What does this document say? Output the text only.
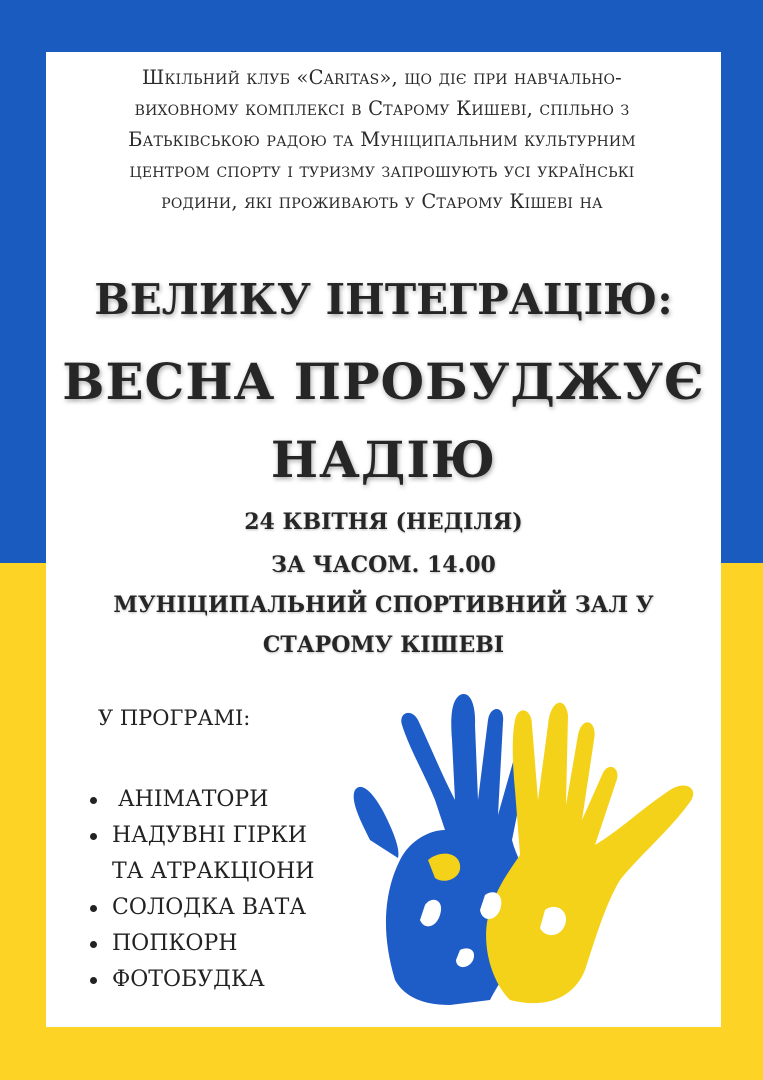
Шкільний клуб «Caritas», що діє при навчально-
виховному комплексі в Старому Кишеві, спільно з
Батьківською радою та Муніципальним культурним
центром спорту і туризму запрошують усі українські
родини, які проживають у Старому Кішеві на

ВЕЛИКУ ІНТЕГРАЦІЮ:
ВЕСНА ПРОБУДЖУЄ
НАДІЮ

24 КВІТНЯ (НЕДІЛЯ)

ЗА ЧАСОМ. 14.00

МУНІЦИПАЛЬНИЙ СПОРТИВНИЙ ЗАЛ У

СТАРОМУ КІШЕВІ

У ПРОГРАМІ:

АНІМАТОРИ
НАДУВНІ ГІРКИ
ТА АТРАКЦІОНИ
СОЛОДКА ВАТА
ПОПКОРН
ФОТОБУДКА
